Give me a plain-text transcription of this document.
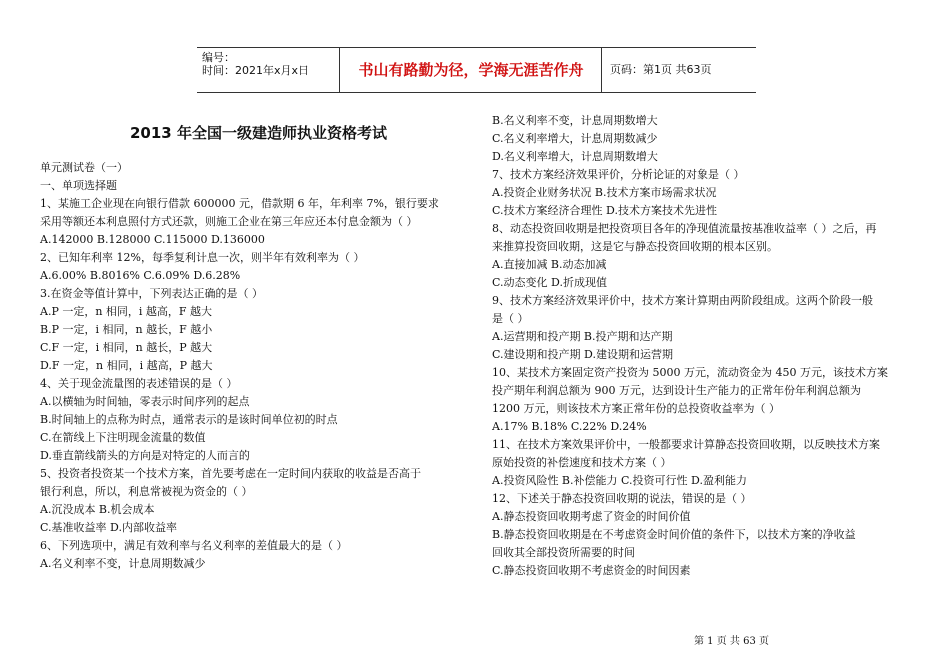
编号：
时间：2021年x月x日	书山有路勤为径，学海无涯苦作舟	页码：第1页 共63页
2013 年全国一级建造师执业资格考试

单元测试卷（一）

一、单项选择题

1、某施工企业现在向银行借款 600000 元，借款期 6 年，年利率 7%，银行要求

采用等额还本利息照付方式还款，则施工企业在第三年应还本付息金额为（ ）

A.142000 B.128000 C.115000 D.136000

2、已知年利率 12%，每季复利计息一次，则半年有效利率为（ ）

A.6.00% B.8016% C.6.09% D.6.28%

3.在资金等值计算中，下列表达正确的是（ ）

A.P 一定，n 相同，i 越高，F 越大

B.P 一定，i 相同，n 越长，F 越小

C.F 一定，i 相同，n 越长，P 越大

D.F 一定，n 相同，i 越高，P 越大

4、关于现金流量图的表述错误的是（ ）

A.以横轴为时间轴，零表示时间序列的起点

B.时间轴上的点称为时点，通常表示的是该时间单位初的时点

C.在箭线上下注明现金流量的数值

D.垂直箭线箭头的方向是对特定的人而言的

5、投资者投资某一个技术方案，首先要考虑在一定时间内获取的收益是否高于

银行利息，所以，利息常被视为资金的（ ）

A.沉没成本 B.机会成本

C.基准收益率 D.内部收益率

6、下列选项中，满足有效利率与名义利率的差值最大的是（ ）

A.名义利率不变，计息周期数减少

B.名义利率不变，计息周期数增大

C.名义利率增大，计息周期数减少

D.名义利率增大，计息周期数增大

7、技术方案经济效果评价，分析论证的对象是（ ）

A.投资企业财务状况 B.技术方案市场需求状况

C.技术方案经济合理性 D.技术方案技术先进性

8、动态投资回收期是把投资项目各年的净现值流量按基准收益率（ ）之后，再

来推算投资回收期，这是它与静态投资回收期的根本区别。

A.直接加减 B.动态加减

C.动态变化 D.折成现值

9、技术方案经济效果评价中，技术方案计算期由两阶段组成。这两个阶段一般

是（ ）

A.运营期和投产期 B.投产期和达产期

C.建设期和投产期 D.建设期和运营期

10、某技术方案固定资产投资为 5000 万元，流动资金为 450 万元，该技术方案

投产期年利润总额为 900 万元，达到设计生产能力的正常年份年利润总额为

1200 万元，则该技术方案正常年份的总投资收益率为（ ）

A.17% B.18% C.22% D.24%

11、在技术方案效果评价中，一般都要求计算静态投资回收期，以反映技术方案

原始投资的补偿速度和技术方案（ ）

A.投资风险性 B.补偿能力 C.投资可行性 D.盈利能力

12、下述关于静态投资回收期的说法，错误的是（ ）

A.静态投资回收期考虑了资金的时间价值

B.静态投资回收期是在不考虑资金时间价值的条件下，以技术方案的净收益

回收其全部投资所需要的时间

C.静态投资回收期不考虑资金的时间因素

第 1 页 共 63 页
